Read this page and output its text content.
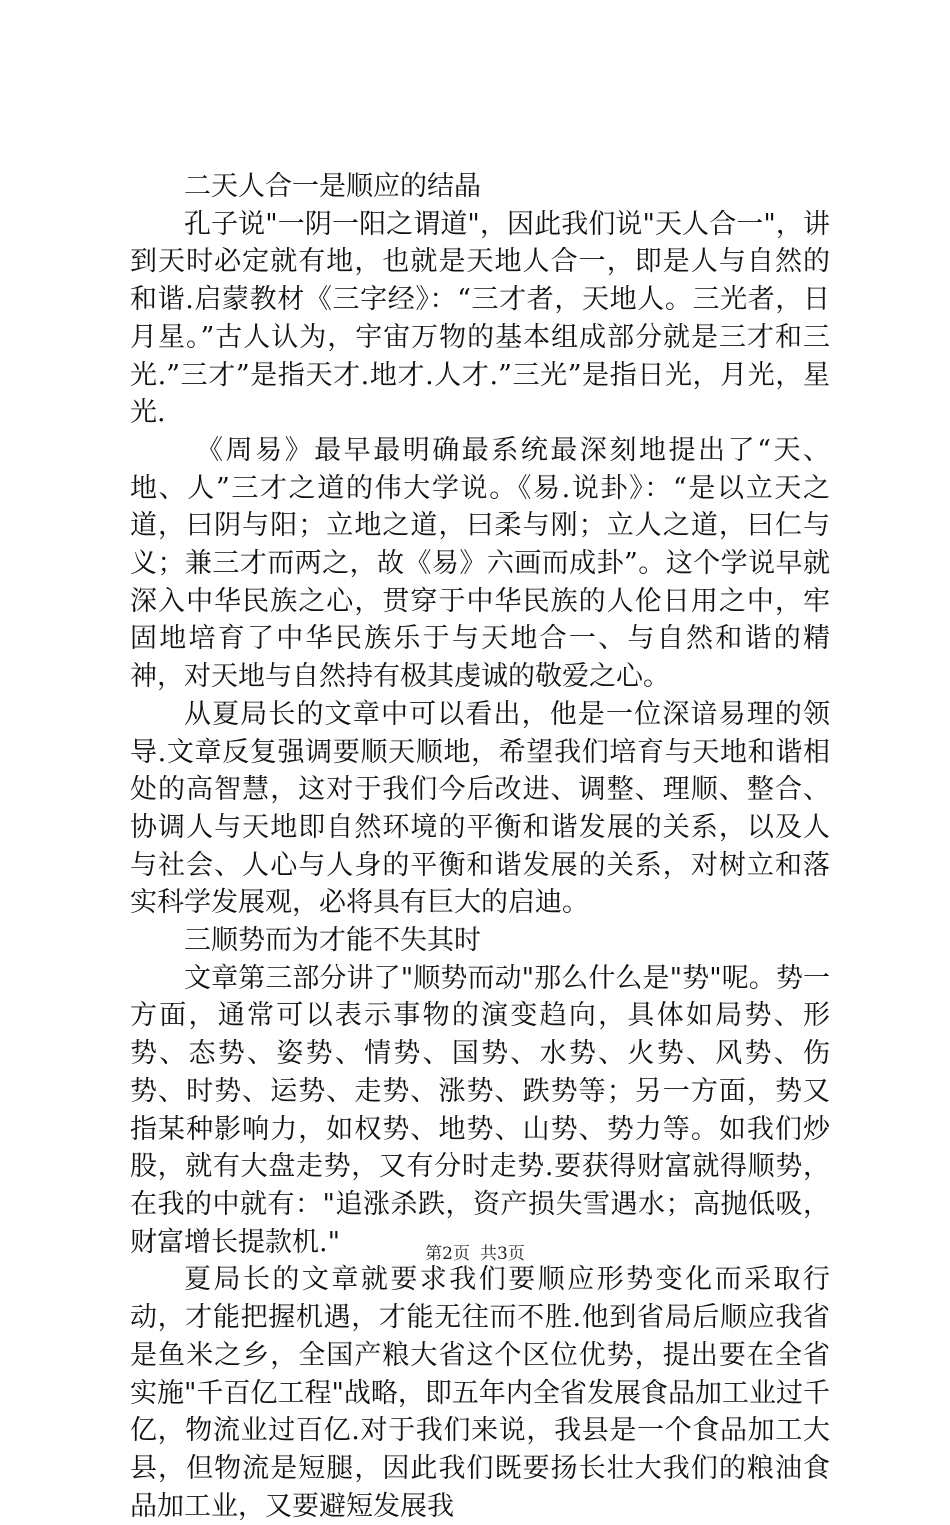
二天人合一是顺应的结晶

孔子说"一阴一阳之谓道"，因此我们说"天人合一"，讲到天时必定就有地，也就是天地人合一，即是人与自然的和谐.启蒙教材《三字经》：“三才者，天地人。三光者，日月星。”古人认为，宇宙万物的基本组成部分就是三才和三光.”三才”是指天才.地才.人才.”三光”是指日光，月光，星光.

《周易》最早最明确最系统最深刻地提出了“天、地、人”三才之道的伟大学说。《易.说卦》：“是以立天之道，曰阴与阳；立地之道，曰柔与刚；立人之道，曰仁与义；兼三才而两之，故《易》六画而成卦”。这个学说早就深入中华民族之心，贯穿于中华民族的人伦日用之中，牢固地培育了中华民族乐于与天地合一、与自然和谐的精神，对天地与自然持有极其虔诚的敬爱之心。

从夏局长的文章中可以看出，他是一位深谙易理的领导.文章反复强调要顺天顺地，希望我们培育与天地和谐相处的高智慧，这对于我们今后改进、调整、理顺、整合、协调人与天地即自然环境的平衡和谐发展的关系，以及人与社会、人心与人身的平衡和谐发展的关系，对树立和落实科学发展观，必将具有巨大的启迪。

三顺势而为才能不失其时

文章第三部分讲了"顺势而动"那么什么是"势"呢。势一方面，通常可以表示事物的演变趋向，具体如局势、形势、态势、姿势、情势、国势、水势、火势、风势、伤势、时势、运势、走势、涨势、跌势等；另一方面，势又指某种影响力，如权势、地势、山势、势力等。如我们炒股，就有大盘走势，又有分时走势.要获得财富就得顺势，在我的中就有："追涨杀跌，资产损失雪遇水；高抛低吸，财富增长提款机."

夏局长的文章就要求我们要顺应形势变化而采取行动，才能把握机遇，才能无往而不胜.他到省局后顺应我省是鱼米之乡，全国产粮大省这个区位优势，提出要在全省实施"千百亿工程"战略，即五年内全省发展食品加工业过千亿，物流业过百亿.对于我们来说，我县是一个食品加工大县，但物流是短腿，因此我们既要扬长壮大我们的粮油食品加工业，又要避短发展我

第2页 共3页
